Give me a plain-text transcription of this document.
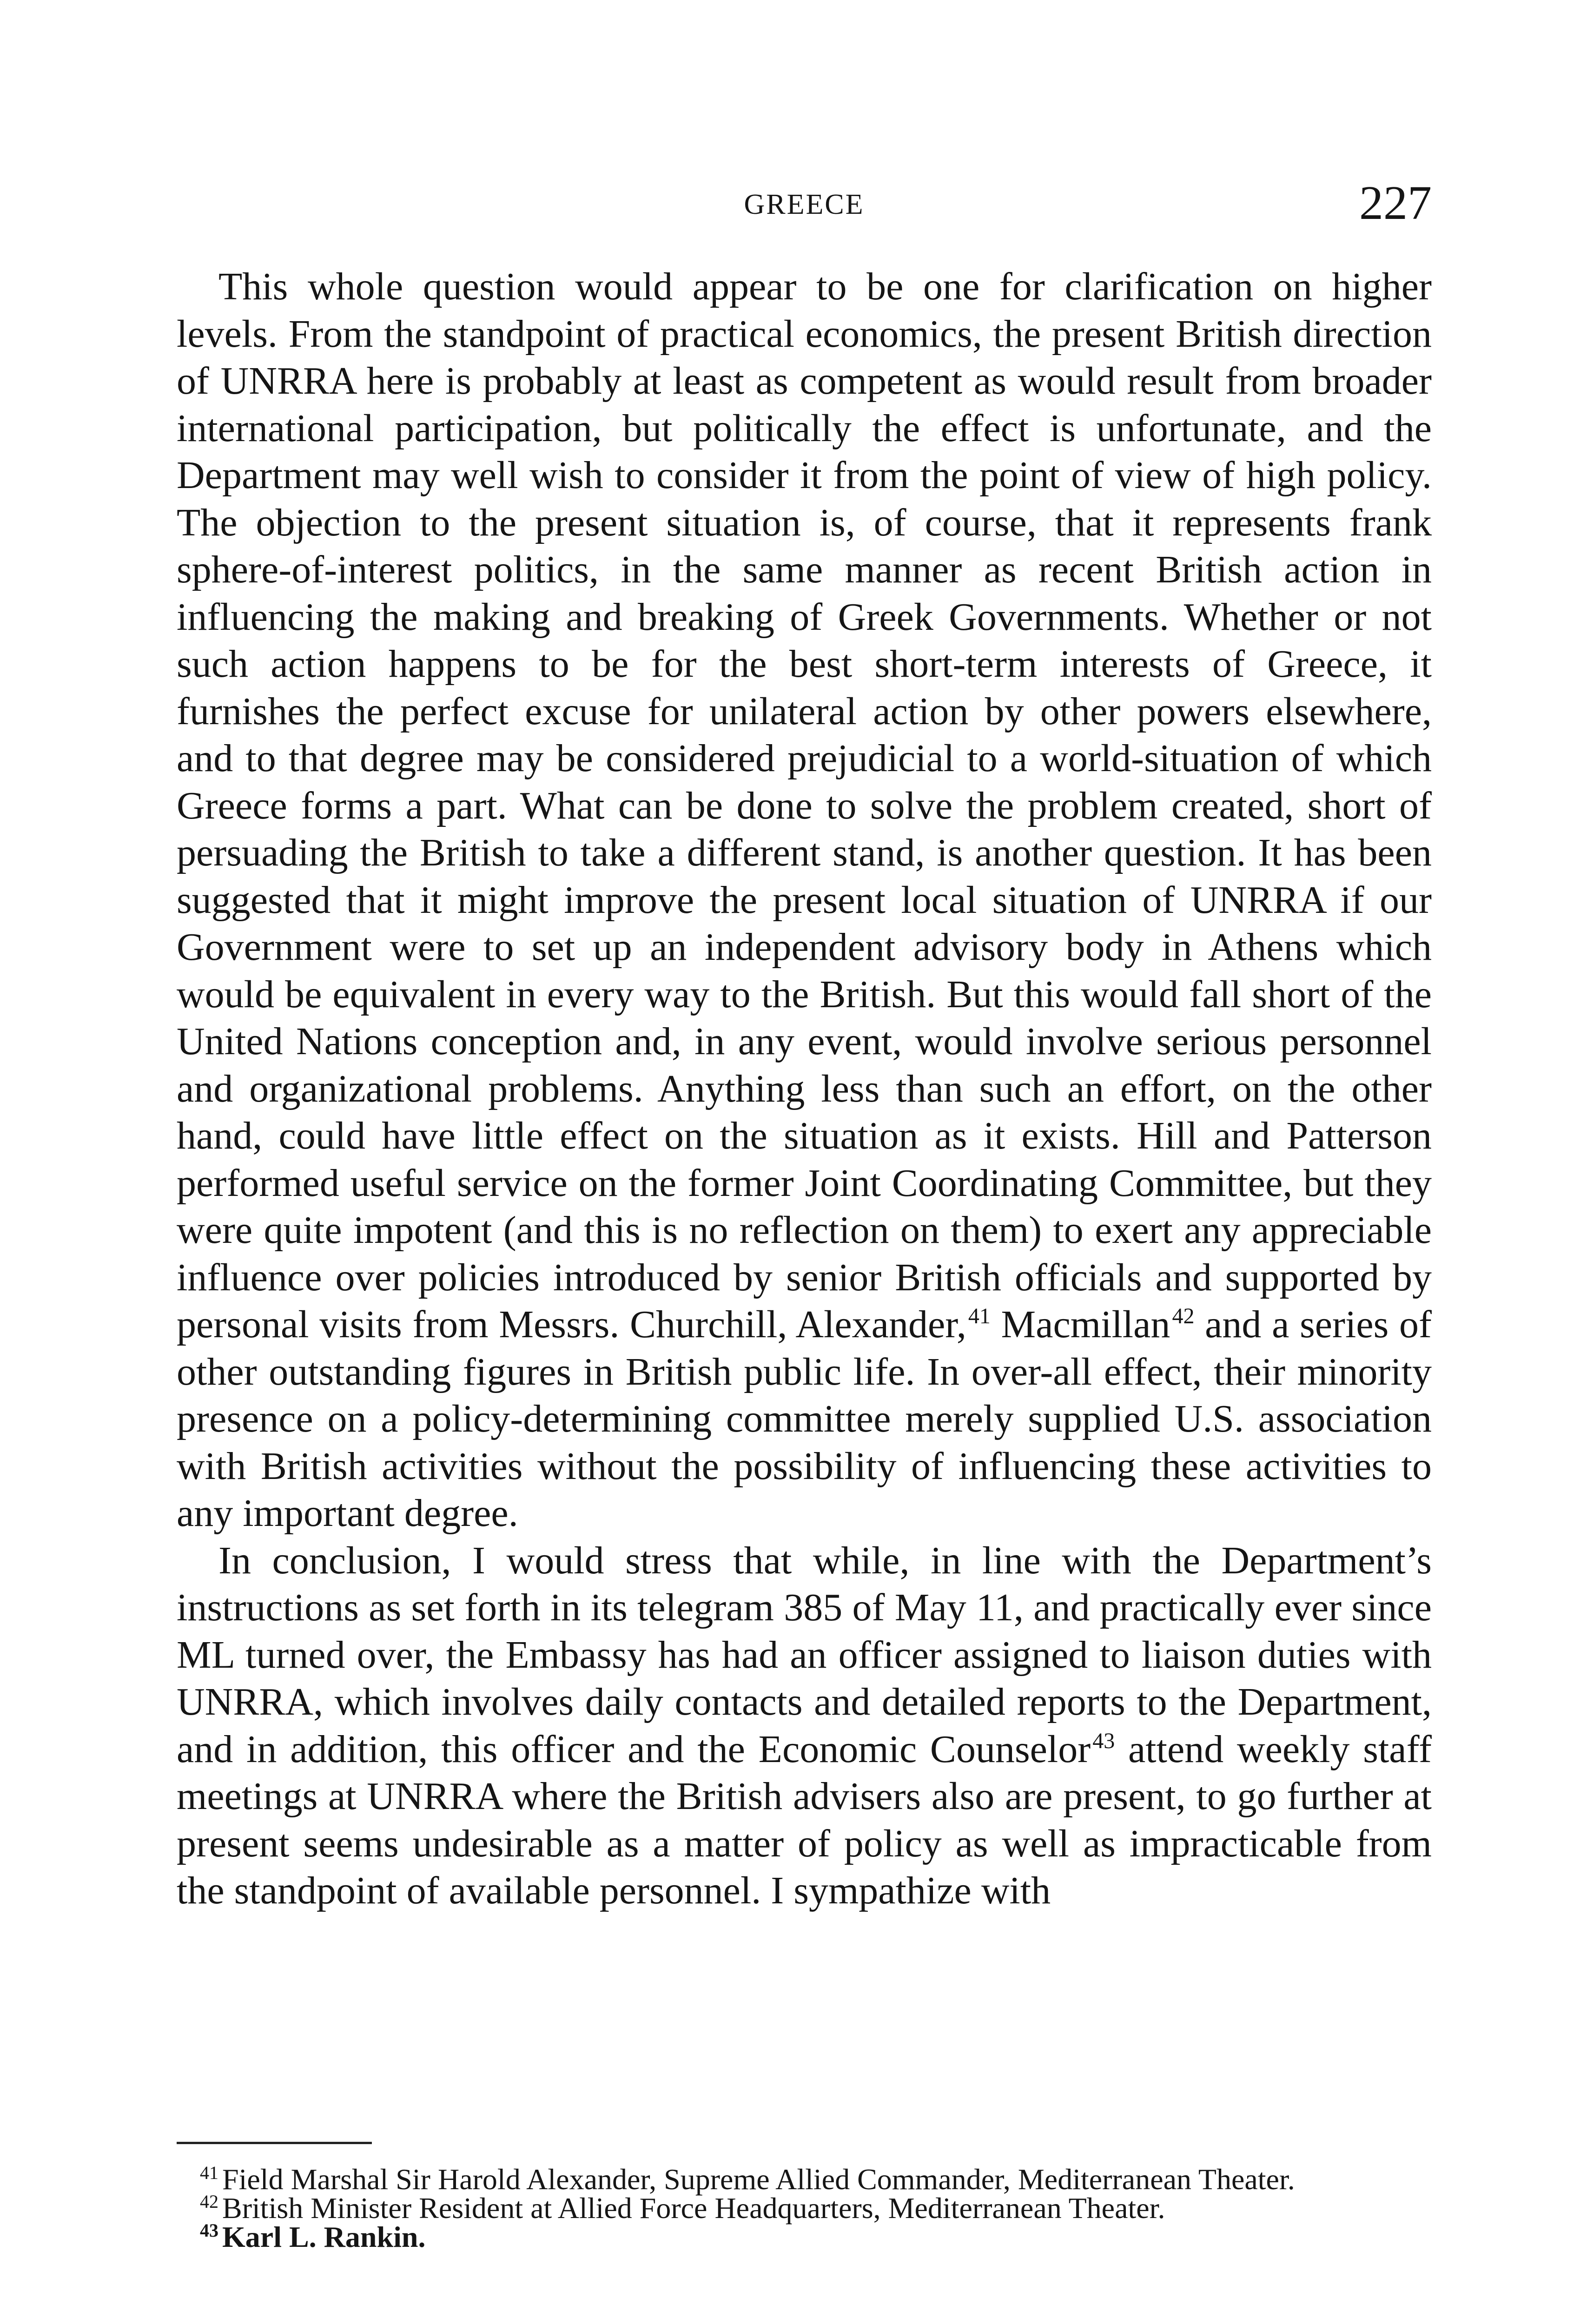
GREECE	227

This whole question would appear to be one for clarification on higher levels. From the standpoint of practical economics, the present British direction of UNRRA here is probably at least as competent as would result from broader international participation, but politically the effect is unfortunate, and the Department may well wish to consider it from the point of view of high policy. The objection to the present situation is, of course, that it represents frank sphere-of-interest politics, in the same manner as recent British action in influencing the making and breaking of Greek Governments. Whether or not such action happens to be for the best short-term interests of Greece, it furnishes the perfect excuse for unilateral action by other powers elsewhere, and to that degree may be considered prejudicial to a world-situation of which Greece forms a part. What can be done to solve the problem created, short of persuading the British to take a different stand, is another question. It has been suggested that it might improve the present local situation of UNRRA if our Government were to set up an independent advisory body in Athens which would be equivalent in every way to the British. But this would fall short of the United Nations conception and, in any event, would involve serious personnel and organizational problems. Anything less than such an effort, on the other hand, could have little effect on the situation as it exists. Hill and Patterson performed useful service on the former Joint Coordinating Committee, but they were quite impotent (and this is no reflection on them) to exert any appreciable influence over policies introduced by senior British officials and supported by personal visits from Messrs. Churchill, Alexander,$^{41}$ Macmillan$^{42}$ and a series of other outstanding figures in British public life. In over-all effect, their minority presence on a policy-determining committee merely supplied U.S. association with British activities without the possibility of influencing these activities to any important degree.

In conclusion, I would stress that while, in line with the Department’s instructions as set forth in its telegram 385 of May 11, and practically ever since ML turned over, the Embassy has had an officer assigned to liaison duties with UNRRA, which involves daily contacts and detailed reports to the Department, and in addition, this officer and the Economic Counselor$^{43}$ attend weekly staff meetings at UNRRA where the British advisers also are present, to go further at present seems undesirable as a matter of policy as well as impracticable from the standpoint of available personnel. I sympathize with

$^{41}$ Field Marshal Sir Harold Alexander, Supreme Allied Commander, Mediterranean Theater.

$^{42}$ British Minister Resident at Allied Force Headquarters, Mediterranean Theater.

$^{43}$ Karl L. Rankin.
